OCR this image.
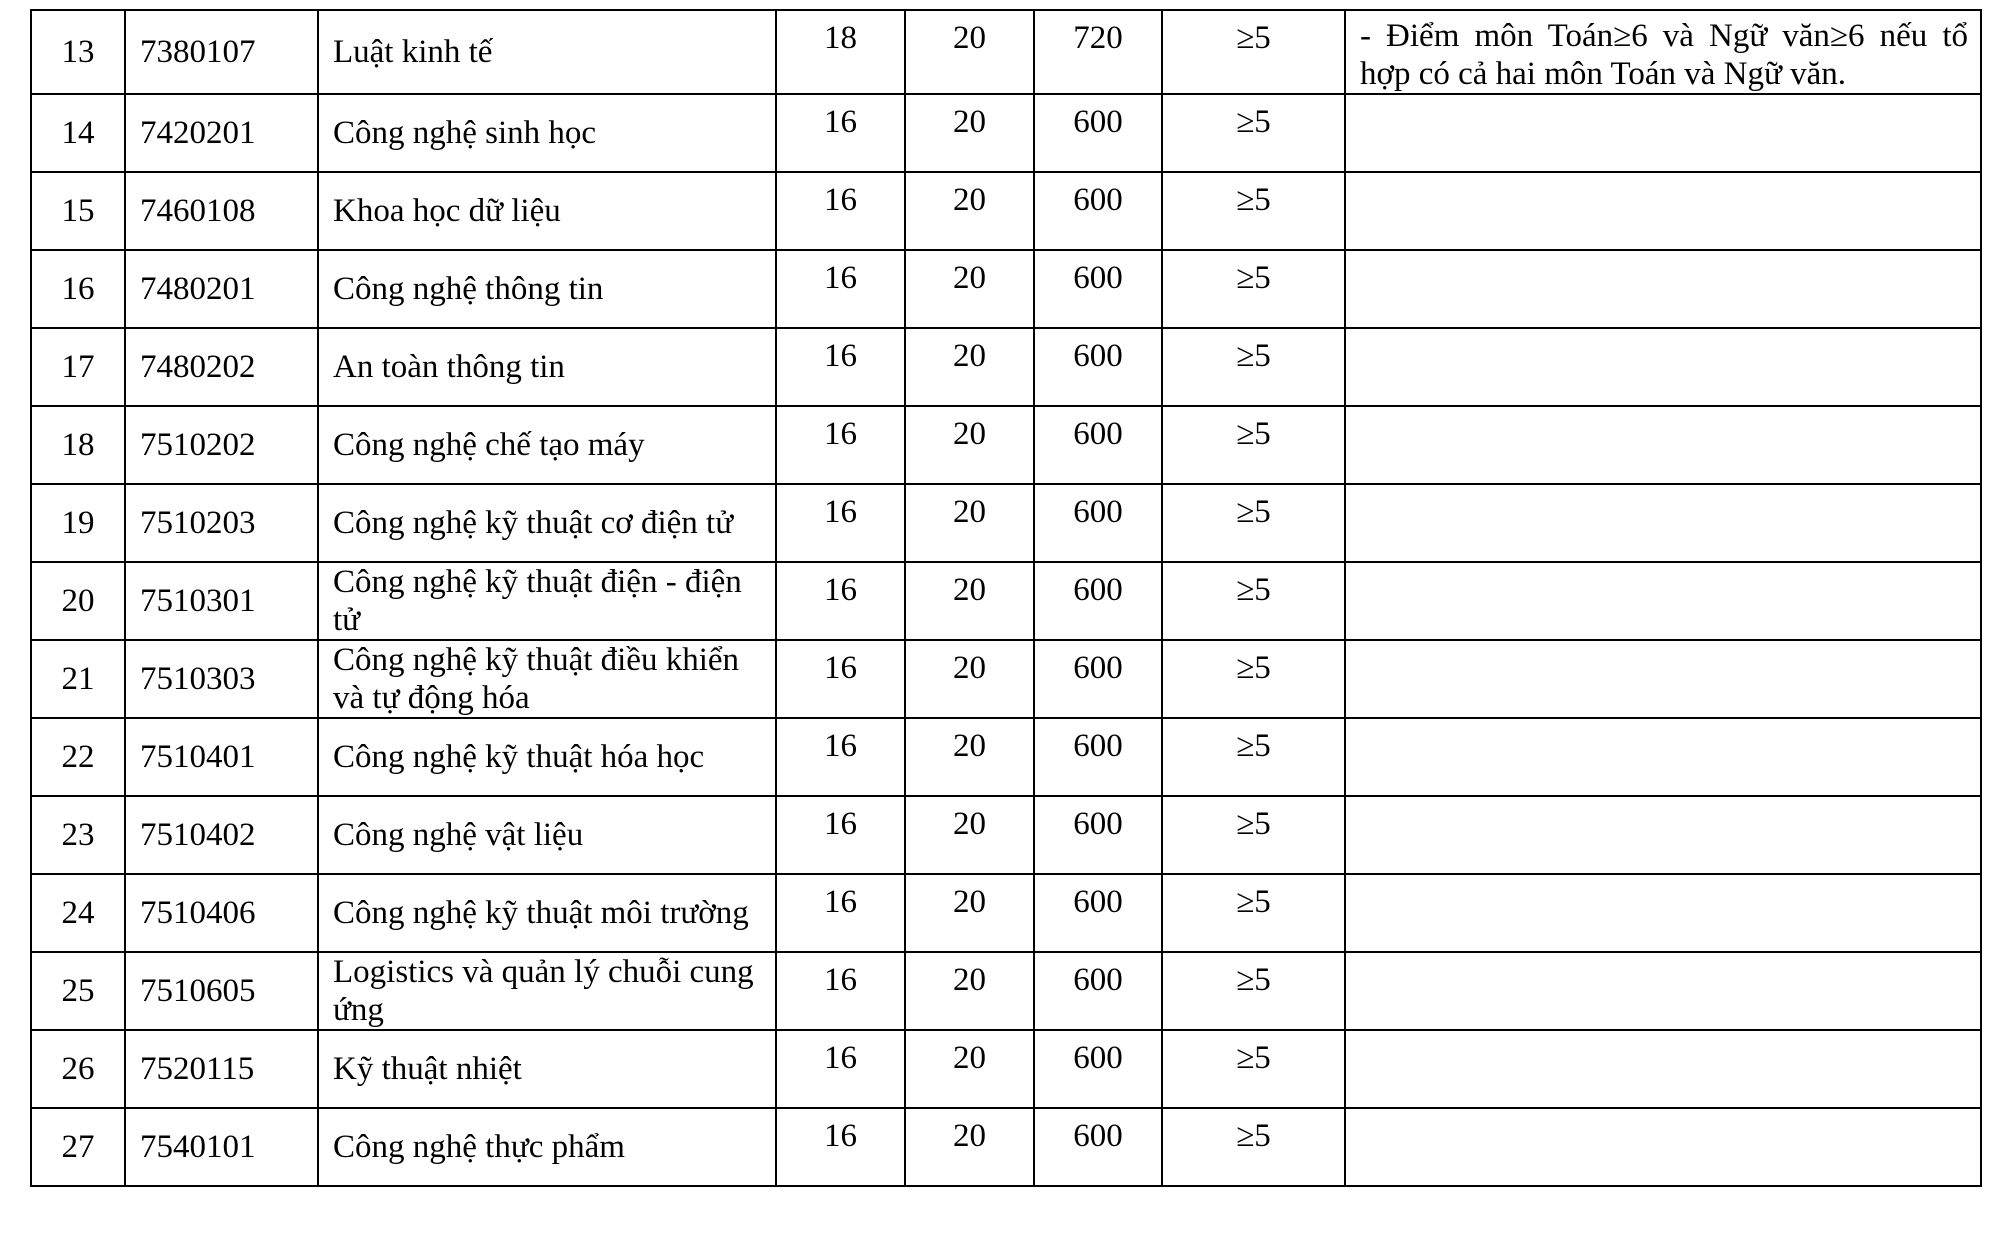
13	7380107	Luật kinh tế	18	20	720	≥5	- Điểm môn Toán≥6 và Ngữ văn≥6 nếu tổ hợp có cả hai môn Toán và Ngữ văn.
14	7420201	Công nghệ sinh học	16	20	600	≥5	
15	7460108	Khoa học dữ liệu	16	20	600	≥5	
16	7480201	Công nghệ thông tin	16	20	600	≥5	
17	7480202	An toàn thông tin	16	20	600	≥5	
18	7510202	Công nghệ chế tạo máy	16	20	600	≥5	
19	7510203	Công nghệ kỹ thuật cơ điện tử	16	20	600	≥5	
20	7510301	Công nghệ kỹ thuật điện - điện tử	16	20	600	≥5	
21	7510303	Công nghệ kỹ thuật điều khiển và tự động hóa	16	20	600	≥5	
22	7510401	Công nghệ kỹ thuật hóa học	16	20	600	≥5	
23	7510402	Công nghệ vật liệu	16	20	600	≥5	
24	7510406	Công nghệ kỹ thuật môi trường	16	20	600	≥5	
25	7510605	Logistics và quản lý chuỗi cung ứng	16	20	600	≥5	
26	7520115	Kỹ thuật nhiệt	16	20	600	≥5	
27	7540101	Công nghệ thực phẩm	16	20	600	≥5	
